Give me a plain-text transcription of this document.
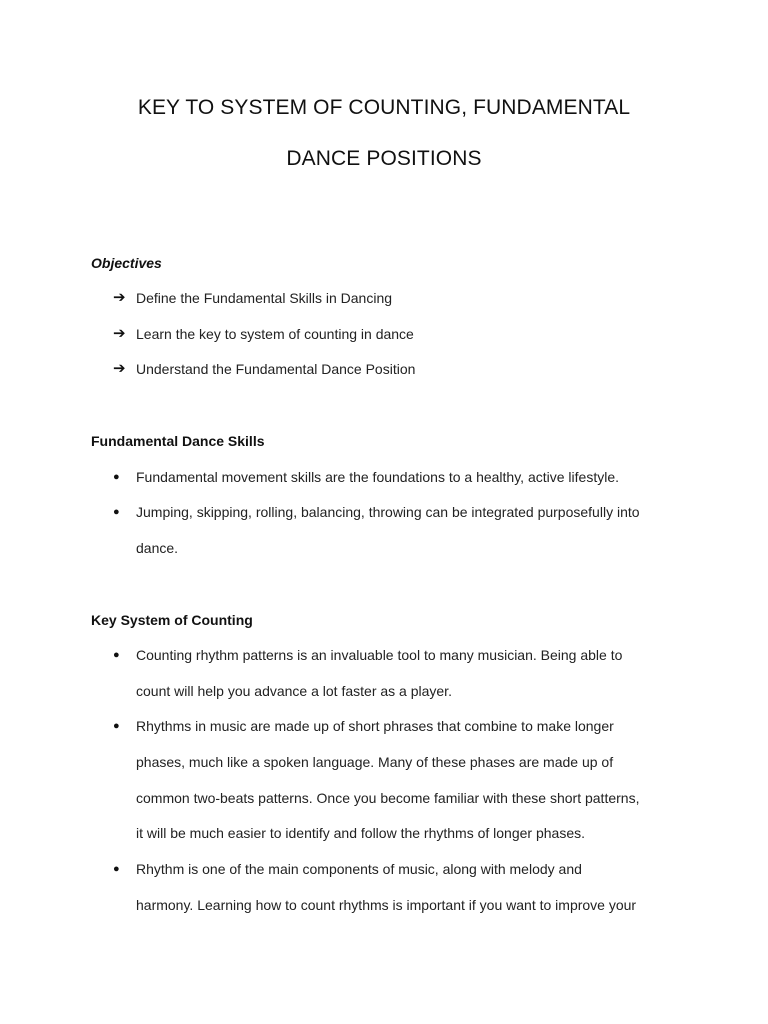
KEY TO SYSTEM OF COUNTING, FUNDAMENTAL
DANCE POSITIONS
Objectives
➔ Define the Fundamental Skills in Dancing
➔ Learn the key to system of counting in dance
➔ Understand the Fundamental Dance Position
Fundamental Dance Skills
● Fundamental movement skills are the foundations to a healthy, active lifestyle.
● Jumping, skipping, rolling, balancing, throwing can be integrated purposefully into
dance.
Key System of Counting
● Counting rhythm patterns is an invaluable tool to many musician. Being able to
count will help you advance a lot faster as a player.
● Rhythms in music are made up of short phrases that combine to make longer
phases, much like a spoken language. Many of these phases are made up of
common two-beats patterns. Once you become familiar with these short patterns,
it will be much easier to identify and follow the rhythms of longer phases.
● Rhythm is one of the main components of music, along with melody and
harmony. Learning how to count rhythms is important if you want to improve your
